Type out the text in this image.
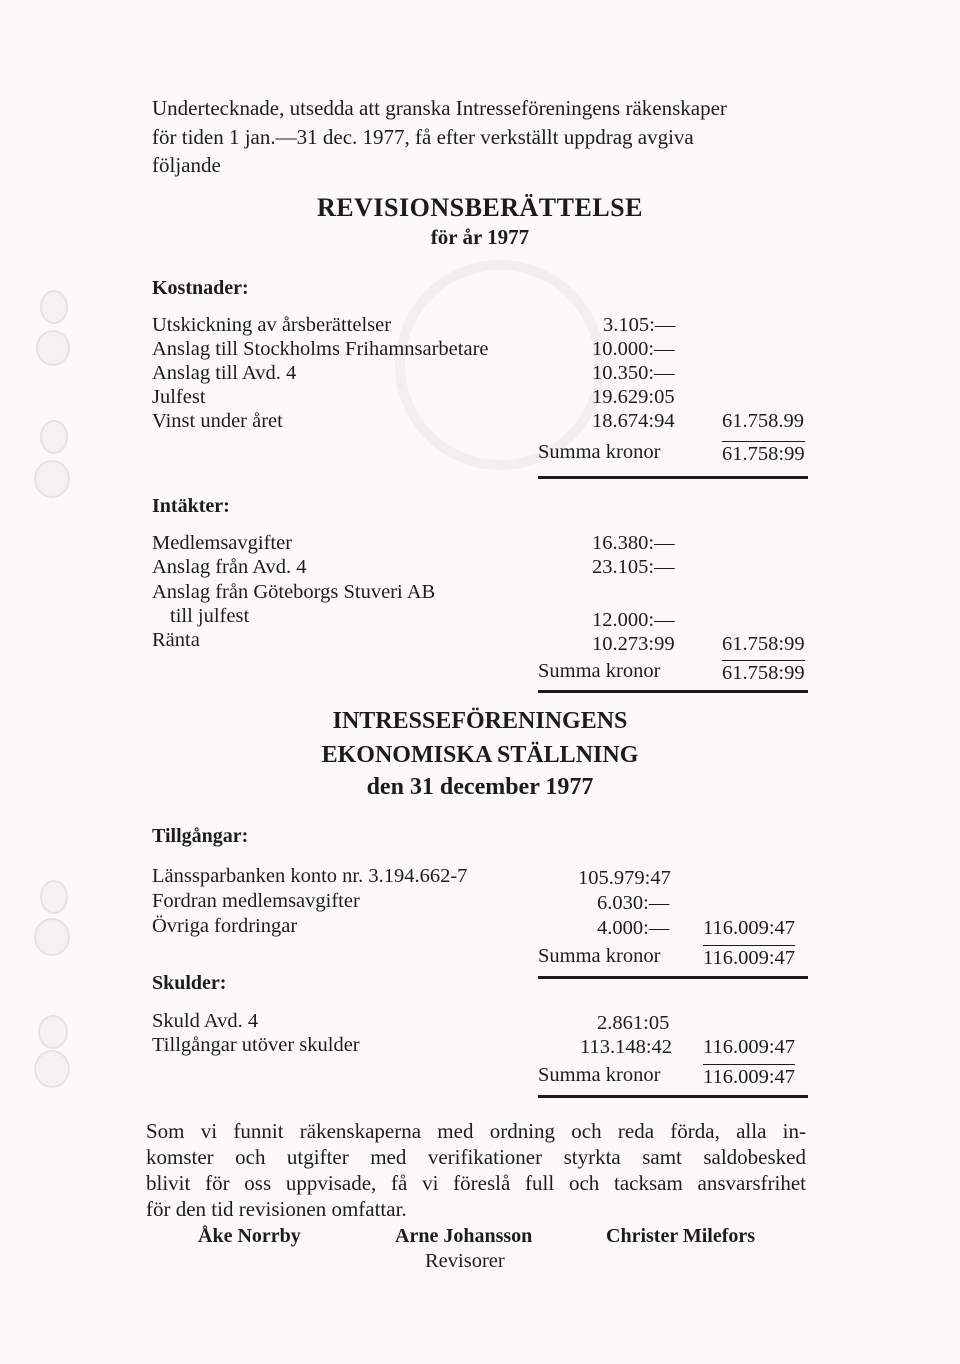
Undertecknade, utsedda att granska Intresseföreningens räkenskaper
för tiden 1 jan.—31 dec. 1977, få efter verkställt uppdrag avgiva
följande
REVISIONSBERÄTTELSE
för år 1977
Kostnader:
Utskickning av årsberättelser	3.105:—
Anslag till Stockholms Frihamnsarbetare	10.000:—
Anslag till Avd. 4	10.350:—
Julfest	19.629:05
Vinst under året	18.674:94 61.758.99
Summa kronor	61.758:99
Intäkter:
Medlemsavgifter	16.380:—
Anslag från Avd. 4	23.105:—
Anslag från Göteborgs Stuveri AB
till julfest	12.000:—
Ränta	10.273:99 61.758:99
Summa kronor	61.758:99
INTRESSEFÖRENINGENS
EKONOMISKA STÄLLNING
den 31 december 1977
Tillgångar:
Länssparbanken konto nr. 3.194.662-7	105.979:47
Fordran medlemsavgifter	6.030:—
Övriga fordringar	4.000:— 116.009:47
Summa kronor 116.009:47
Skulder:
Skuld Avd. 4	2.861:05
Tillgångar utöver skulder	113.148:42 116.009:47
Summa kronor 116.009:47
Som vi funnit räkenskaperna med ordning och reda förda, alla in-
komster och utgifter med verifikationer styrkta samt saldobesked
blivit för oss uppvisade, få vi föreslå full och tacksam ansvarsfrihet
för den tid revisionen omfattar.
Åke Norrby	Arne Johansson	Christer Milefors
Revisorer
